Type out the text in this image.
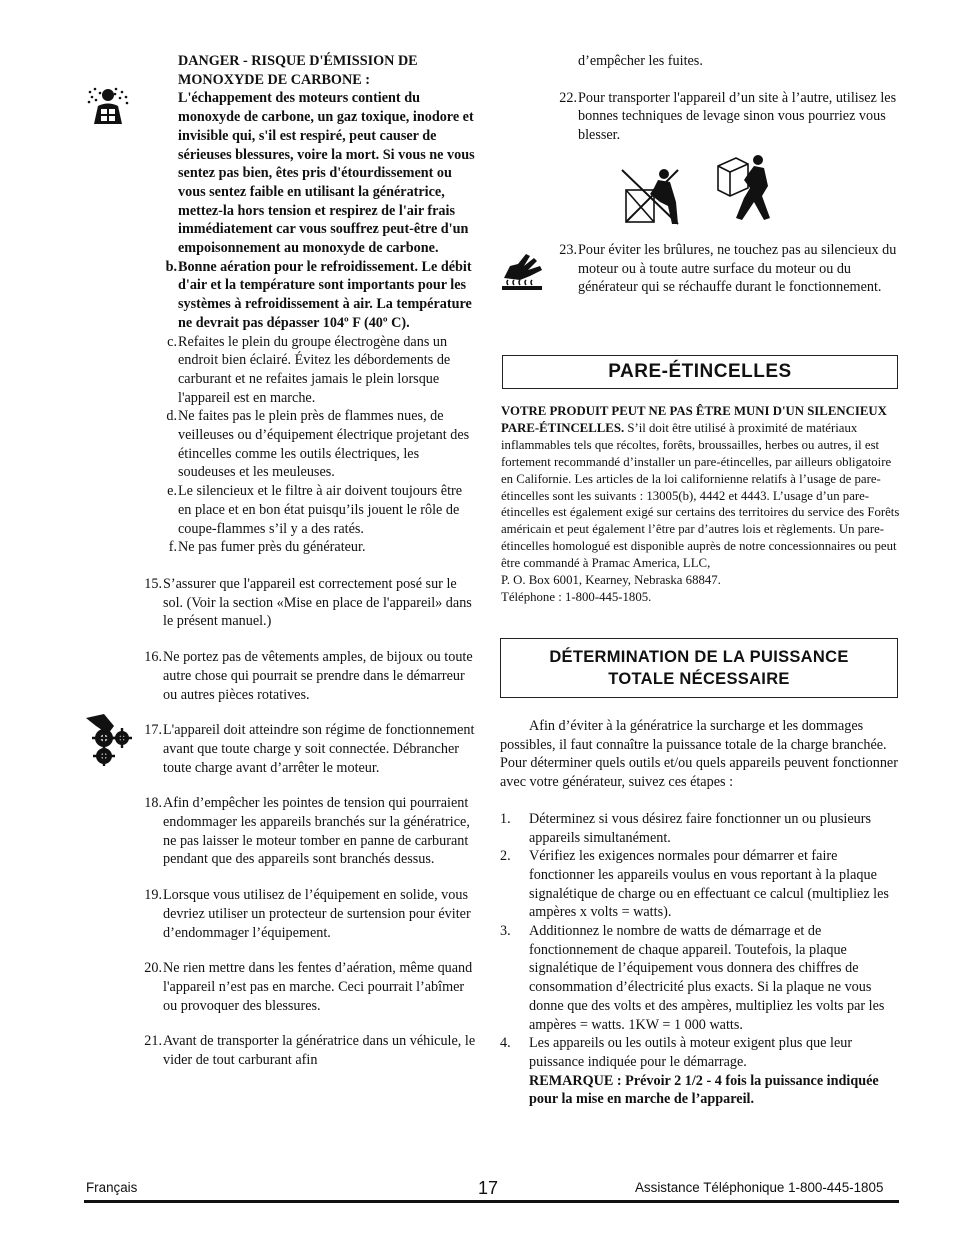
DANGER - RISQUE D'ÉMISSION DE MONOXYDE DE CARBONE :
L'échappement des moteurs contient du monoxyde de carbone, un gaz toxique, inodore et invisible qui, s'il est respiré, peut causer de sérieuses blessures, voire la mort. Si vous ne vous sentez pas bien, êtes pris d'étourdissement ou vous sentez faible en utilisant la génératrice, mettez-la hors tension et respirez de l'air frais immédiatement car vous souffrez peut-être d'un empoisonnement au monoxyde de carbone.
b. Bonne aération pour le refroidissement. Le débit d'air et la température sont importants pour les systèmes à refroidissement à air. La température ne devrait pas dépasser 104º F (40º C).
c. Refaites le plein du groupe électrogène dans un endroit bien éclairé. Évitez les débordements de carburant et ne refaites jamais le plein lorsque l'appareil est en marche.
d. Ne faites pas le plein près de flammes nues, de veilleuses ou d’équipement électrique projetant des étincelles comme les outils électriques, les soudeuses et les meuleuses.
e. Le silencieux et le filtre à air doivent toujours être en place et en bon état puisqu’ils jouent le rôle de coupe-flammes s’il y a des ratés.
f. Ne pas fumer près du générateur.
15. S’assurer que l'appareil est correctement posé sur le sol. (Voir la section «Mise en place de l'appareil» dans le présent manuel.)
16. Ne portez pas de vêtements amples, de bijoux ou toute autre chose qui pourrait se prendre dans le démarreur ou autres pièces rotatives.
17. L'appareil doit atteindre son régime de fonctionnement avant que toute charge y soit connectée. Débrancher toute charge avant d’arrêter le moteur.
18. Afin d’empêcher les pointes de tension qui pourraient endommager les appareils branchés sur la génératrice, ne pas laisser le moteur tomber en panne de carburant pendant que des appareils sont branchés dessus.
19. Lorsque vous utilisez de l’équipement en solide, vous devriez utiliser un protecteur de surtension pour éviter d’endommager l’équipement.
20. Ne rien mettre dans les fentes d’aération, même quand l'appareil n’est pas en marche. Ceci pourrait l’abîmer ou provoquer des blessures.
21. Avant de transporter la génératrice dans un véhicule, le vider de tout carburant afin
d’empêcher les fuites.
22. Pour transporter l'appareil d’un site à l’autre, utilisez les bonnes techniques de levage sinon vous pourriez vous blesser.
23. Pour éviter les brûlures, ne touchez pas au silencieux du moteur ou à toute autre surface du moteur ou du générateur qui se réchauffe durant le fonctionnement.
PARE-ÉTINCELLES
VOTRE PRODUIT PEUT NE PAS ÊTRE MUNI D'UN SILENCIEUX PARE-ÉTINCELLES. S’il doit être utilisé à proximité de matériaux inflammables tels que récoltes, forêts, broussailles, herbes ou autres, il est fortement recommandé d’installer un pare-étincelles, par ailleurs obligatoire en Californie. Les articles de la loi californienne relatifs à l’usage de pare-étincelles sont les suivants : 13005(b), 4442 et 4443. L’usage d’un pare-étincelles est également exigé sur certains des territoires du service des Forêts américain et peut également l’être par d’autres lois et règlements. Un pare-étincelles homologué est disponible auprès de notre concessionnaires ou peut être commandé à Pramac America, LLC,
P. O. Box 6001, Kearney, Nebraska 68847.
Téléphone : 1-800-445-1805.
DÉTERMINATION DE LA PUISSANCE
TOTALE NÉCESSAIRE
Afin d’éviter à la génératrice la surcharge et les dommages possibles, il faut connaître la puissance totale de la charge branchée. Pour déterminer quels outils et/ou quels appareils peuvent fonctionner avec votre générateur, suivez ces étapes :
1.	Déterminez si vous désirez faire fonctionner un ou plusieurs appareils simultanément.
2.	Vérifiez les exigences normales pour démarrer et faire fonctionner les appareils voulus en vous reportant à la plaque signalétique de charge ou en effectuant ce calcul (multipliez les ampères x volts = watts).
3.	Additionnez le nombre de watts de démarrage et de fonctionnement de chaque appareil. Toutefois, la plaque signalétique de l’équipement vous donnera des chiffres de consommation d’électricité plus exacts. Si la plaque ne vous donne que des volts et des ampères, multipliez les volts par les ampères = watts. 1KW = 1 000 watts.
4.	Les appareils ou les outils à moteur exigent plus que leur puissance indiquée pour le démarrage.
REMARQUE : Prévoir 2 1/2 - 4 fois la puissance indiquée pour la mise en marche de l’appareil.
Français	17	Assistance Téléphonique 1-800-445-1805
